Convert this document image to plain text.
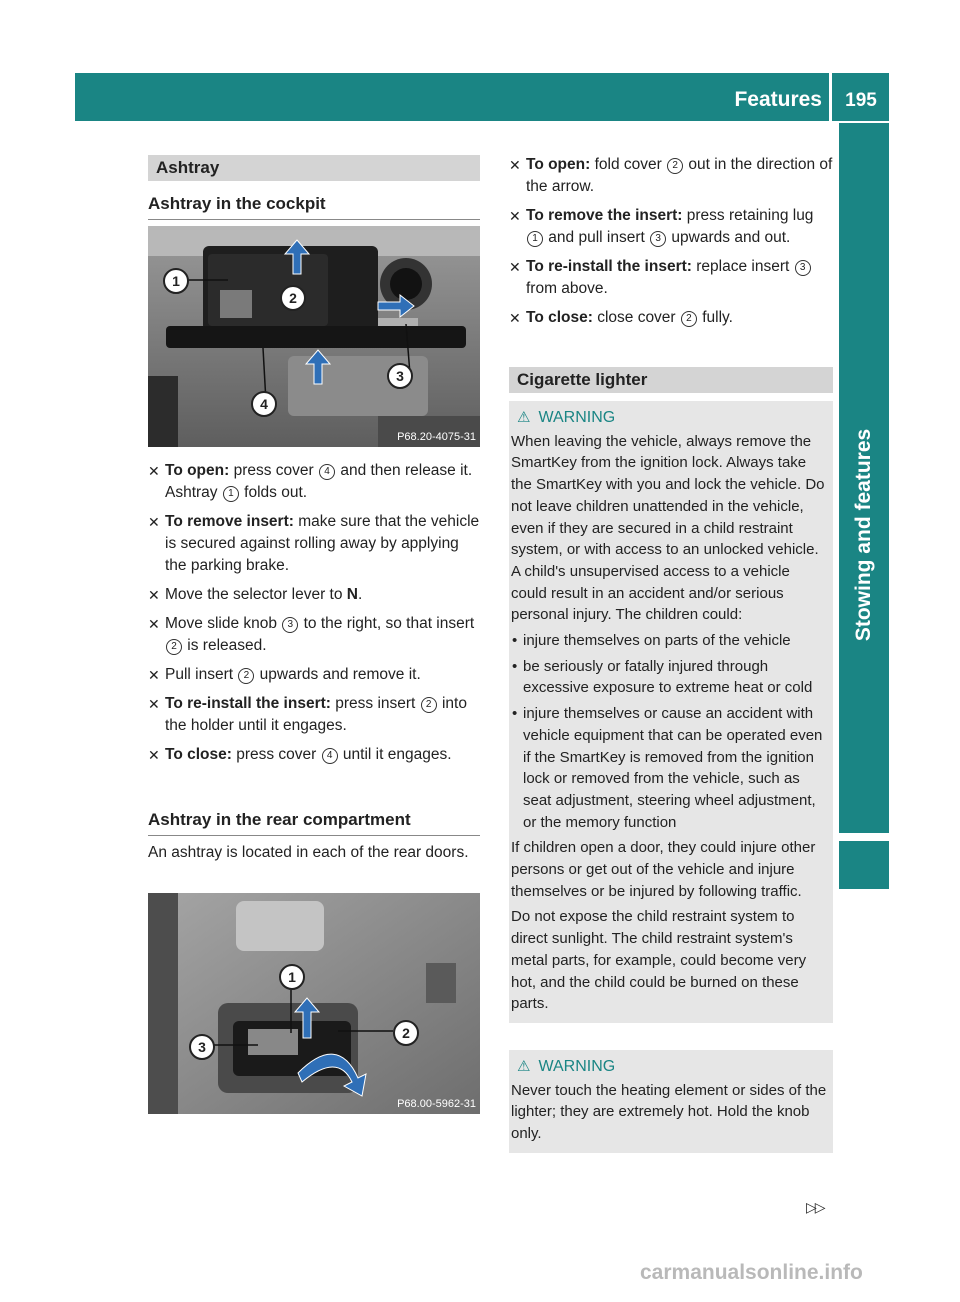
Features	195
Stowing and features
Ashtray
Ashtray in the cockpit
1
2
3
4
P68.20-4075-31
✕ To open: press cover 4 and then release it.
Ashtray 1 folds out.
✕ To remove insert: make sure that the vehicle is secured against rolling away by applying the parking brake.
✕ Move the selector lever to N.
✕ Move slide knob 3 to the right, so that insert 2 is released.
✕ Pull insert 2 upwards and remove it.
✕ To re-install the insert: press insert 2 into the holder until it engages.
✕ To close: press cover 4 until it engages.
Ashtray in the rear compartment
An ashtray is located in each of the rear doors.
1
2
3
P68.00-5962-31
✕ To open: fold cover 2 out in the direction of the arrow.
✕ To remove the insert: press retaining lug 1 and pull insert 3 upwards and out.
✕ To re-install the insert: replace insert 3 from above.
✕ To close: close cover 2 fully.
Cigarette lighter
⚠ WARNING

When leaving the vehicle, always remove the SmartKey from the ignition lock. Always take the SmartKey with you and lock the vehicle. Do not leave children unattended in the vehicle, even if they are secured in a child restraint system, or with access to an unlocked vehicle. A child's unsupervised access to a vehicle could result in an accident and/or serious personal injury. The children could:

• injure themselves on parts of the vehicle
• be seriously or fatally injured through excessive exposure to extreme heat or cold
• injure themselves or cause an accident with vehicle equipment that can be operated even if the SmartKey is removed from the ignition lock or removed from the vehicle, such as seat adjustment, steering wheel adjustment, or the memory function

If children open a door, they could injure other persons or get out of the vehicle and injure themselves or be injured by following traffic.

Do not expose the child restraint system to direct sunlight. The child restraint system's metal parts, for example, could become very hot, and the child could be burned on these parts.

⚠ WARNING

Never touch the heating element or sides of the lighter; they are extremely hot. Hold the knob only.

▷▷
carmanualsonline.info
